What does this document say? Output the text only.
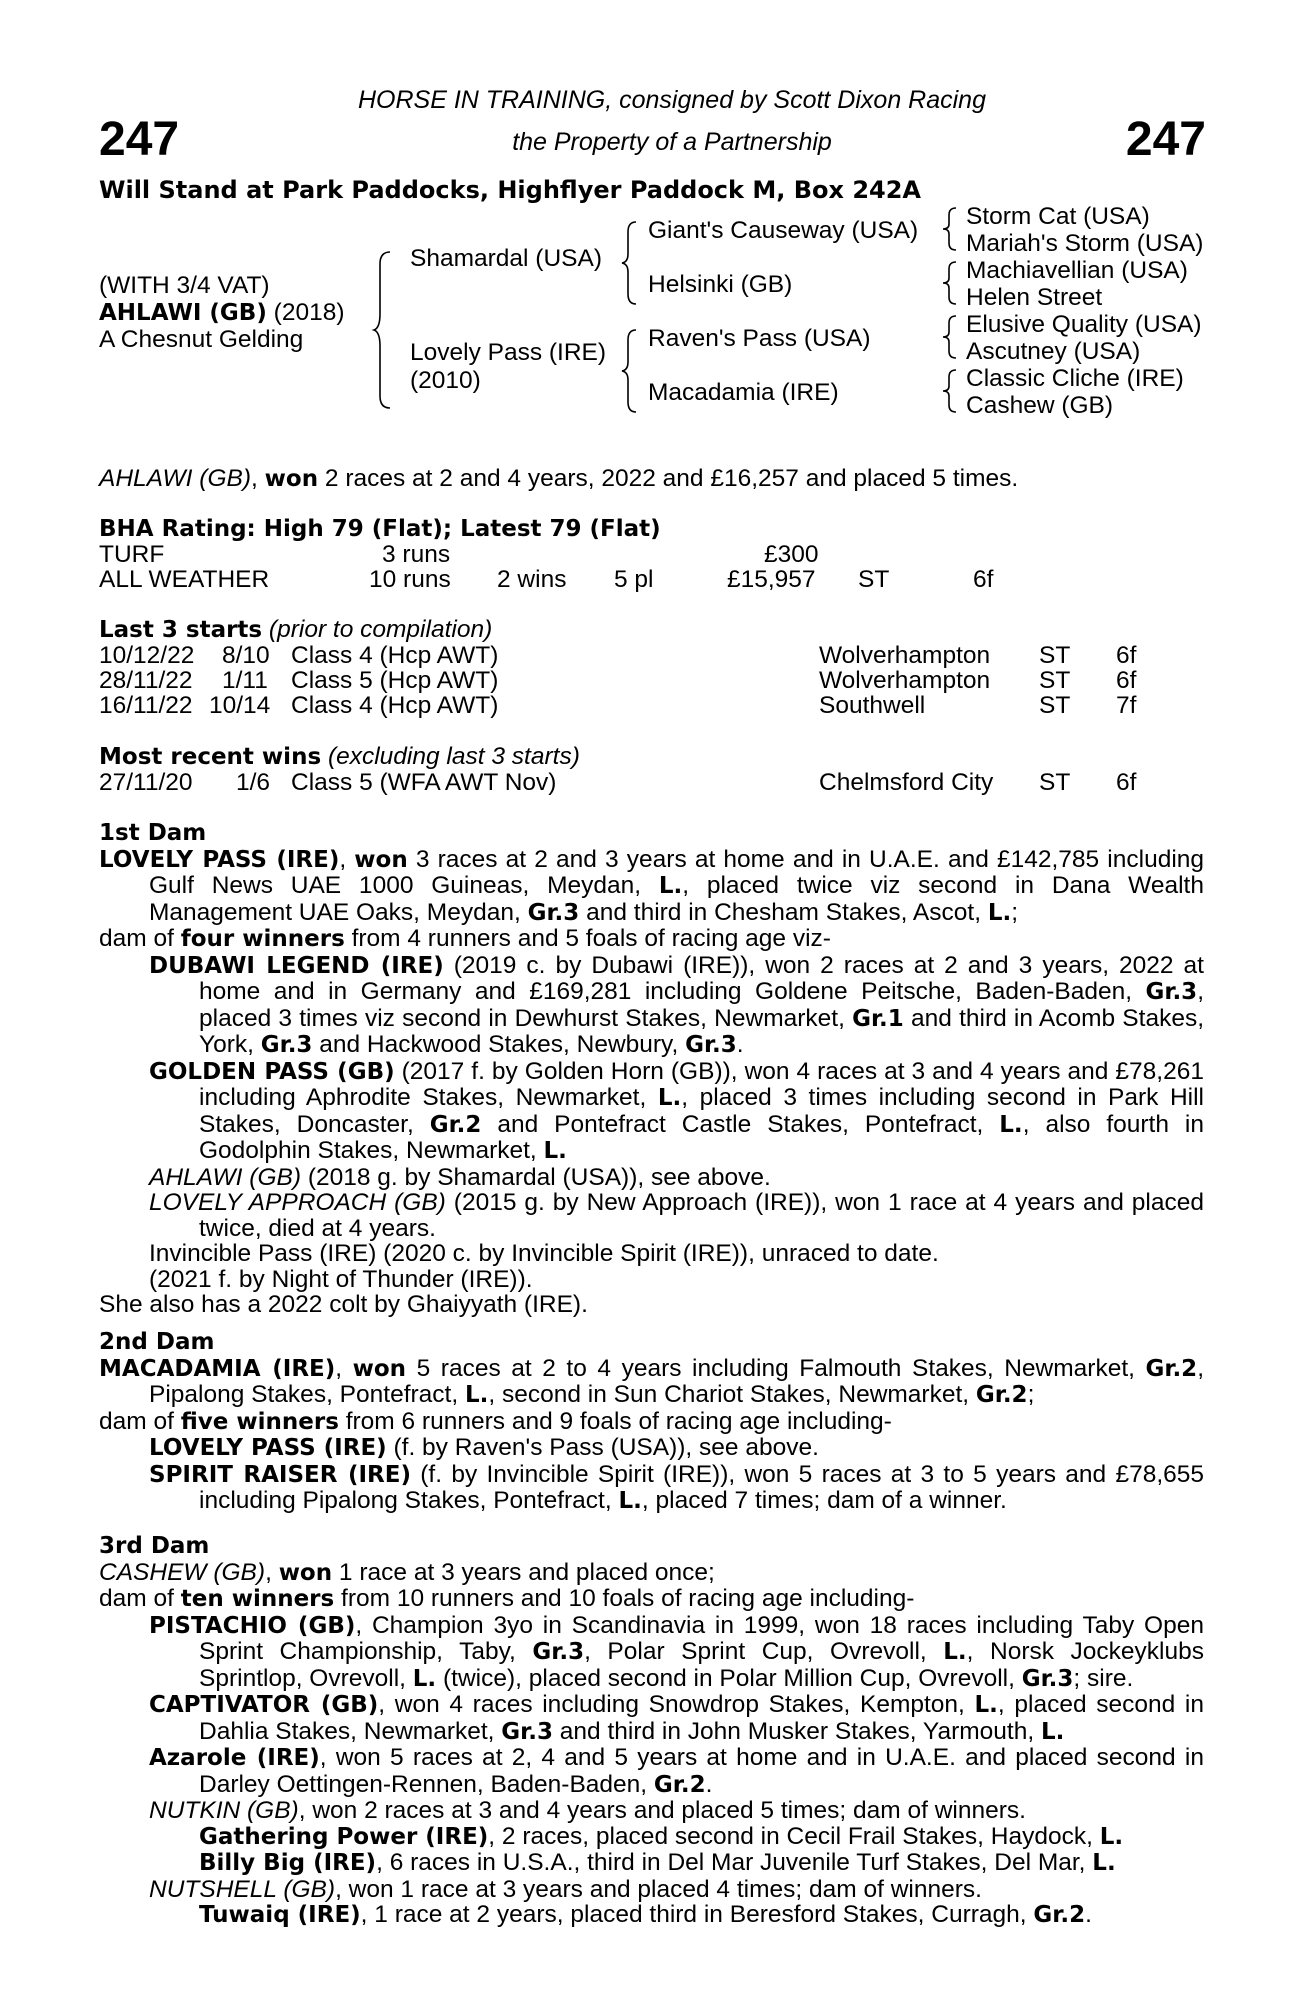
247	247
HORSE IN TRAINING, consigned by Scott Dixon Racing
the Property of a Partnership
Will Stand at Park Paddocks, Highflyer Paddock M, Box 242A
(WITH 3/4 VAT)
AHLAWI (GB) (2018)
A Chesnut Gelding
Shamardal (USA)
Lovely Pass (IRE)
(2010)
Giant's Causeway (USA)
Helsinki (GB)
Raven's Pass (USA)
Macadamia (IRE)
Storm Cat (USA)
Mariah's Storm (USA)
Machiavellian (USA)
Helen Street
Elusive Quality (USA)
Ascutney (USA)
Classic Cliche (IRE)
Cashew (GB)
AHLAWI (GB), won 2 races at 2 and 4 years, 2022 and £16,257 and placed 5 times.
BHA Rating: High 79 (Flat); Latest 79 (Flat)
TURF	3 runs	£300
ALL WEATHER	10 runs 2 wins 5 pl	£15,957 ST	6f
Last 3 starts (prior to compilation)
10/12/22 8/10 Class 4 (Hcp AWT)	Wolverhampton ST 6f
28/11/22 1/11 Class 5 (Hcp AWT)	Wolverhampton ST 6f
16/11/22 10/14 Class 4 (Hcp AWT)	Southwell	ST 7f
Most recent wins (excluding last 3 starts)
27/11/20 1/6 Class 5 (WFA AWT Nov)	Chelmsford City ST 6f
1st Dam

LOVELY PASS (IRE), won 3 races at 2 and 3 years at home and in U.A.E. and £142,785 including Gulf News UAE 1000 Guineas, Meydan, L., placed twice viz second in Dana Wealth Management UAE Oaks, Meydan, Gr.3 and third in Chesham Stakes, Ascot, L.;

dam of four winners from 4 runners and 5 foals of racing age viz-

DUBAWI LEGEND (IRE) (2019 c. by Dubawi (IRE)), won 2 races at 2 and 3 years, 2022 at home and in Germany and £169,281 including Goldene Peitsche, Baden-Baden, Gr.3, placed 3 times viz second in Dewhurst Stakes, Newmarket, Gr.1 and third in Acomb Stakes, York, Gr.3 and Hackwood Stakes, Newbury, Gr.3.

GOLDEN PASS (GB) (2017 f. by Golden Horn (GB)), won 4 races at 3 and 4 years and £78,261 including Aphrodite Stakes, Newmarket, L., placed 3 times including second in Park Hill Stakes, Doncaster, Gr.2 and Pontefract Castle Stakes, Pontefract, L., also fourth in Godolphin Stakes, Newmarket, L.

AHLAWI (GB) (2018 g. by Shamardal (USA)), see above.

LOVELY APPROACH (GB) (2015 g. by New Approach (IRE)), won 1 race at 4 years and placed twice, died at 4 years.

Invincible Pass (IRE) (2020 c. by Invincible Spirit (IRE)), unraced to date.

(2021 f. by Night of Thunder (IRE)).

She also has a 2022 colt by Ghaiyyath (IRE).

2nd Dam

MACADAMIA (IRE), won 5 races at 2 to 4 years including Falmouth Stakes, Newmarket, Gr.2, Pipalong Stakes, Pontefract, L., second in Sun Chariot Stakes, Newmarket, Gr.2;

dam of five winners from 6 runners and 9 foals of racing age including-

LOVELY PASS (IRE) (f. by Raven's Pass (USA)), see above.

SPIRIT RAISER (IRE) (f. by Invincible Spirit (IRE)), won 5 races at 3 to 5 years and £78,655 including Pipalong Stakes, Pontefract, L., placed 7 times; dam of a winner.

3rd Dam

CASHEW (GB), won 1 race at 3 years and placed once;

dam of ten winners from 10 runners and 10 foals of racing age including-

PISTACHIO (GB), Champion 3yo in Scandinavia in 1999, won 18 races including Taby Open Sprint Championship, Taby, Gr.3, Polar Sprint Cup, Ovrevoll, L., Norsk Jockeyklubs Sprintlop, Ovrevoll, L. (twice), placed second in Polar Million Cup, Ovrevoll, Gr.3; sire.

CAPTIVATOR (GB), won 4 races including Snowdrop Stakes, Kempton, L., placed second in Dahlia Stakes, Newmarket, Gr.3 and third in John Musker Stakes, Yarmouth, L.

Azarole (IRE), won 5 races at 2, 4 and 5 years at home and in U.A.E. and placed second in Darley Oettingen-Rennen, Baden-Baden, Gr.2.

NUTKIN (GB), won 2 races at 3 and 4 years and placed 5 times; dam of winners.

Gathering Power (IRE), 2 races, placed second in Cecil Frail Stakes, Haydock, L.

Billy Big (IRE), 6 races in U.S.A., third in Del Mar Juvenile Turf Stakes, Del Mar, L.

NUTSHELL (GB), won 1 race at 3 years and placed 4 times; dam of winners.

Tuwaiq (IRE), 1 race at 2 years, placed third in Beresford Stakes, Curragh, Gr.2.
